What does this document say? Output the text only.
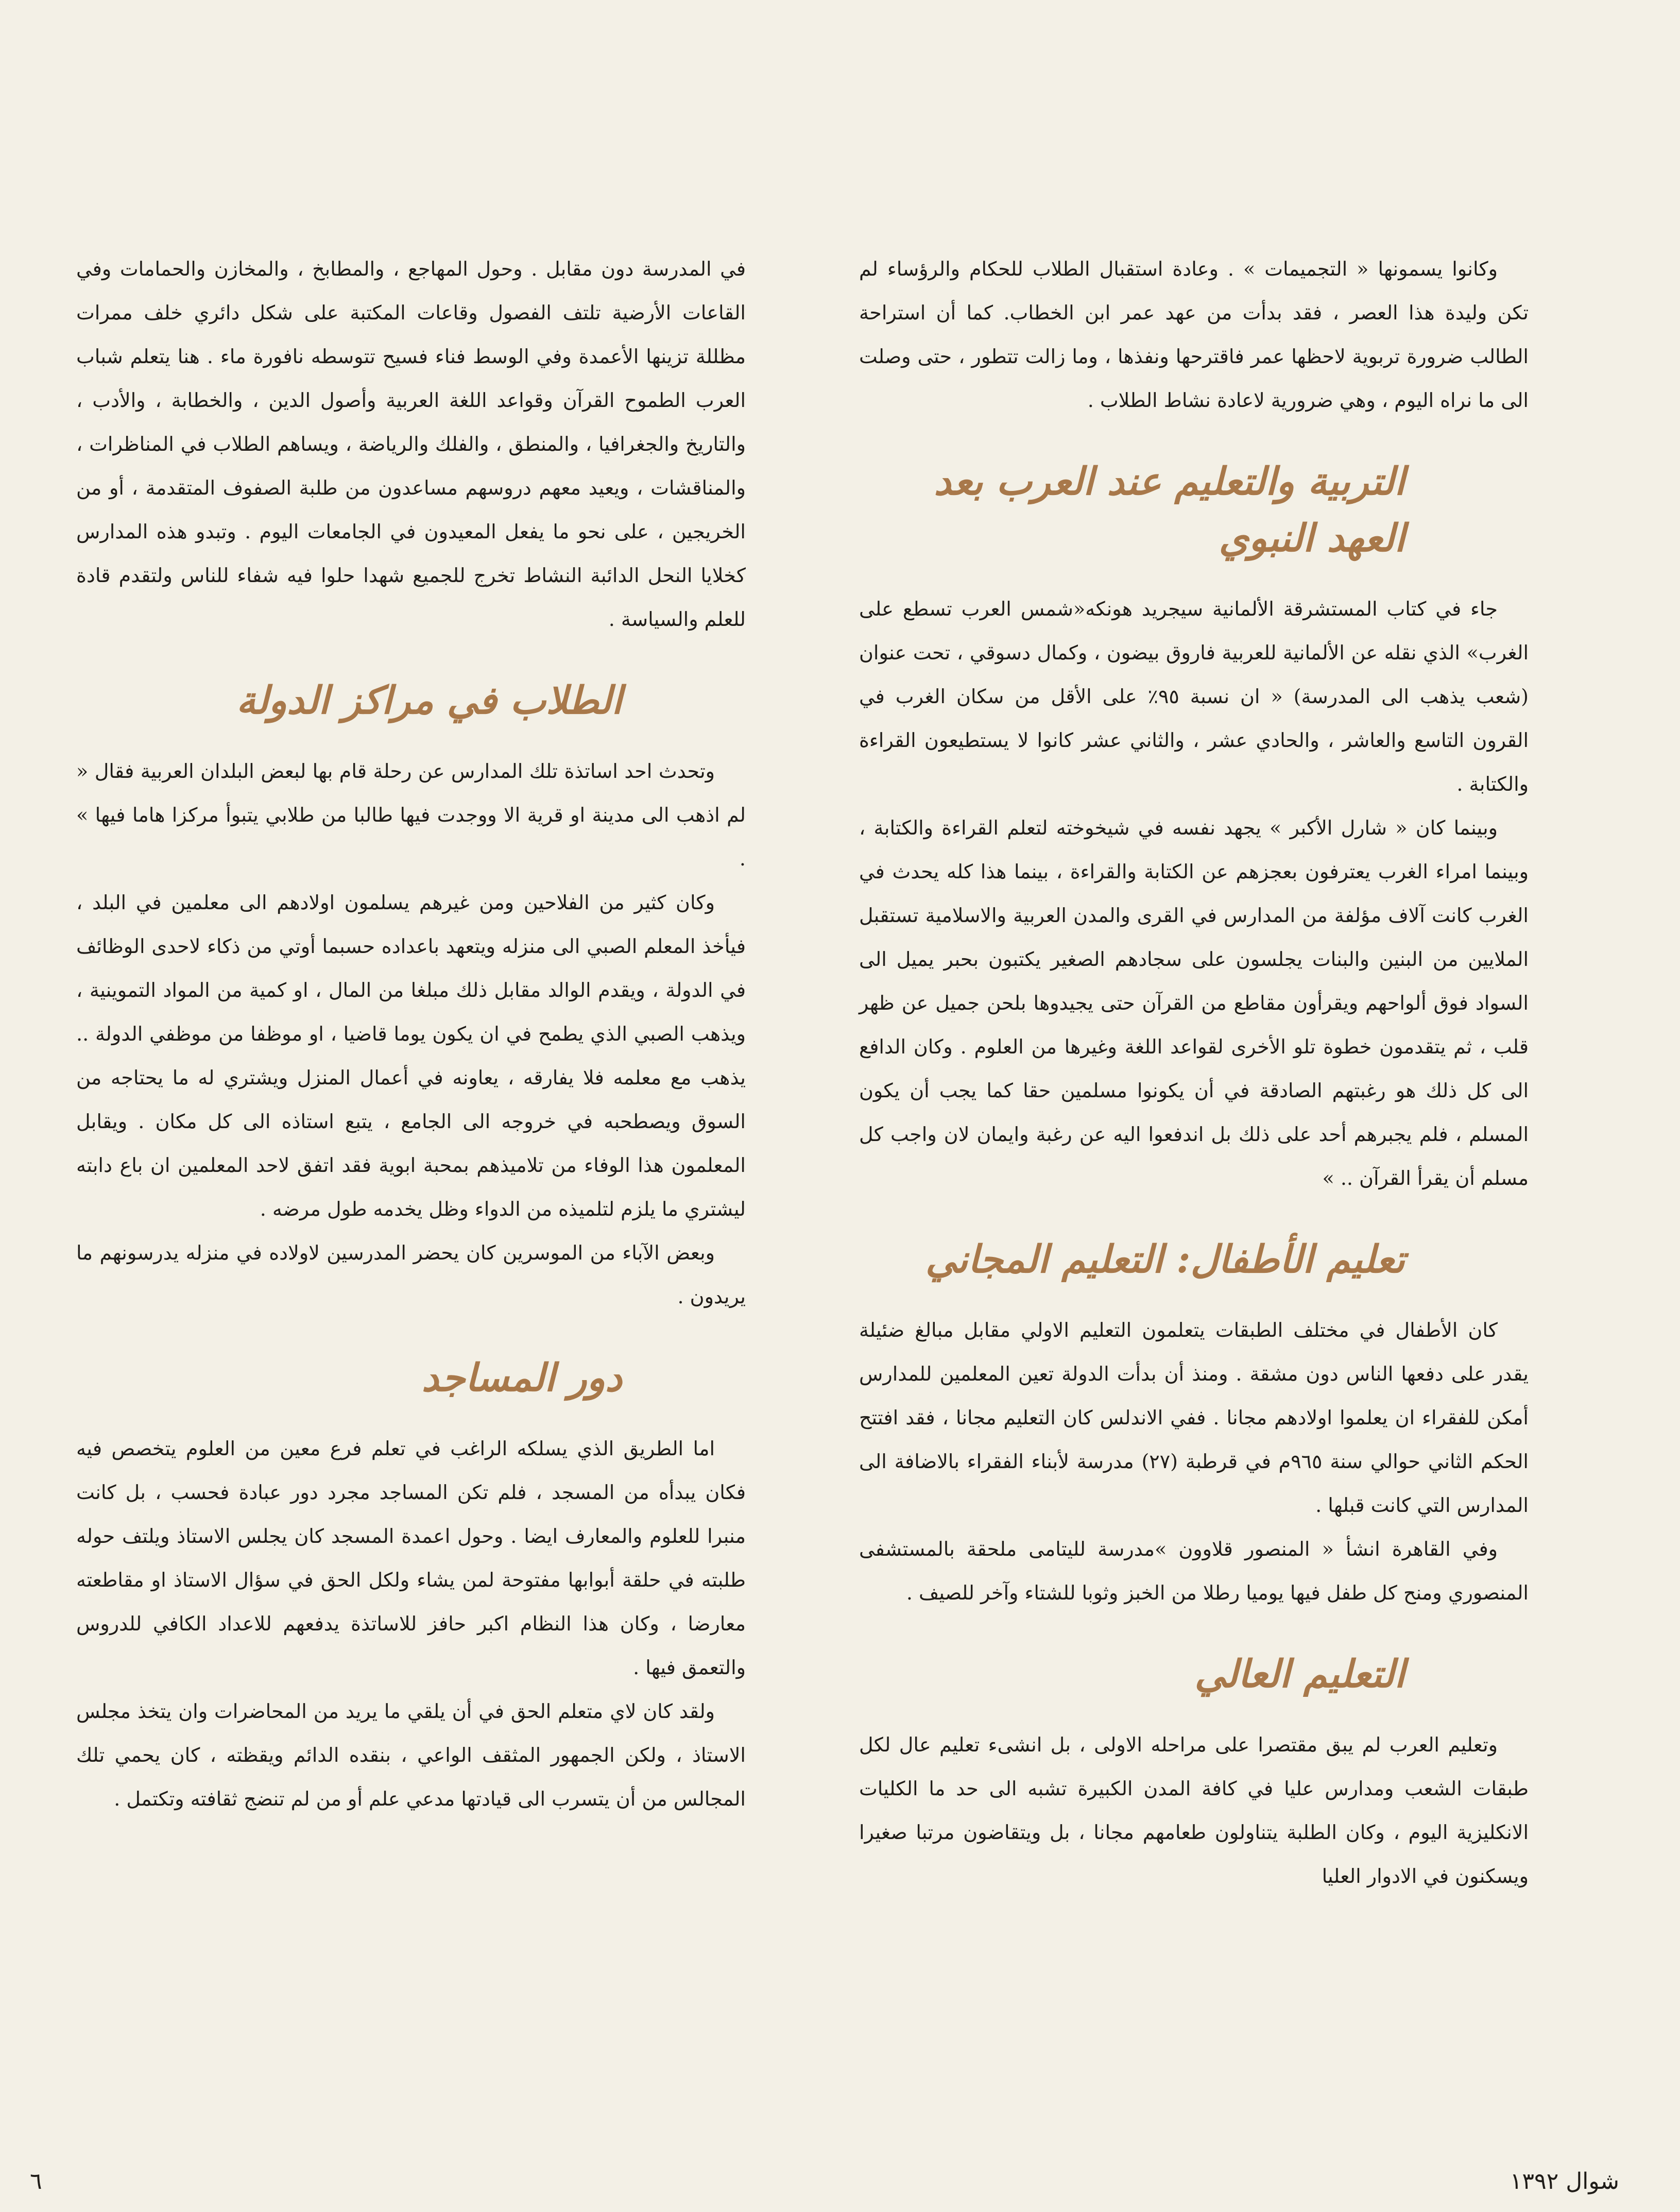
وكانوا يسمونها « التجميمات » . وعادة استقبال الطلاب للحكام والرؤساء لم تكن وليدة هذا العصر ، فقد بدأت من عهد عمر ابن الخطاب. كما أن استراحة الطالب ضرورة تربوية لاحظها عمر فاقترحها ونفذها ، وما زالت تتطور ، حتى وصلت الى ما نراه اليوم ، وهي ضرورية لاعادة نشاط الطلاب .

التربية والتعليم عند العرب بعد العهد النبوي

جاء في كتاب المستشرقة الألمانية سيجريد هونكه«شمس العرب تسطع على الغرب» الذي نقله عن الألمانية للعربية فاروق بيضون ، وكمال دسوقي ، تحت عنوان (شعب يذهب الى المدرسة) « ان نسبة ٩٥٪ على الأقل من سكان الغرب في القرون التاسع والعاشر ، والحادي عشر ، والثاني عشر كانوا لا يستطيعون القراءة والكتابة .

وبينما كان « شارل الأكبر » يجهد نفسه في شيخوخته لتعلم القراءة والكتابة ، وبينما امراء الغرب يعترفون بعجزهم عن الكتابة والقراءة ، بينما هذا كله يحدث في الغرب كانت آلاف مؤلفة من المدارس في القرى والمدن العربية والاسلامية تستقبل الملايين من البنين والبنات يجلسون على سجادهم الصغير يكتبون بحبر يميل الى السواد فوق ألواحهم ويقرأون مقاطع من القرآن حتى يجيدوها بلحن جميل عن ظهر قلب ، ثم يتقدمون خطوة تلو الأخرى لقواعد اللغة وغيرها من العلوم . وكان الدافع الى كل ذلك هو رغبتهم الصادقة في أن يكونوا مسلمين حقا كما يجب أن يكون المسلم ، فلم يجبرهم أحد على ذلك بل اندفعوا اليه عن رغبة وايمان لان واجب كل مسلم أن يقرأ القرآن .. »

تعليم الأطفال: التعليم المجاني

كان الأطفال في مختلف الطبقات يتعلمون التعليم الاولي مقابل مبالغ ضئيلة يقدر على دفعها الناس دون مشقة . ومنذ أن بدأت الدولة تعين المعلمين للمدارس أمكن للفقراء ان يعلموا اولادهم مجانا . ففي الاندلس كان التعليم مجانا ، فقد افتتح الحكم الثاني حوالي سنة ٩٦٥م في قرطبة (٢٧) مدرسة لأبناء الفقراء بالاضافة الى المدارس التي كانت قبلها .

وفي القاهرة انشأ « المنصور قلاوون »مدرسة لليتامى ملحقة بالمستشفى المنصوري ومنح كل طفل فيها يوميا رطلا من الخبز وثوبا للشتاء وآخر للصيف .

التعليم العالي

وتعليم العرب لم يبق مقتصرا على مراحله الاولى ، بل انشىء تعليم عال لكل طبقات الشعب ومدارس عليا في كافة المدن الكبيرة تشبه الى حد ما الكليات الانكليزية اليوم ، وكان الطلبة يتناولون طعامهم مجانا ، بل ويتقاضون مرتبا صغيرا ويسكنون في الادوار العليا

في المدرسة دون مقابل . وحول المهاجع ، والمطابخ ، والمخازن والحمامات وفي القاعات الأرضية تلتف الفصول وقاعات المكتبة على شكل دائري خلف ممرات مظللة تزينها الأعمدة وفي الوسط فناء فسيح تتوسطه نافورة ماء . هنا يتعلم شباب العرب الطموح القرآن وقواعد اللغة العربية وأصول الدين ، والخطابة ، والأدب ، والتاريخ والجغرافيا ، والمنطق ، والفلك والرياضة ، ويساهم الطلاب في المناظرات ، والمناقشات ، ويعيد معهم دروسهم مساعدون من طلبة الصفوف المتقدمة ، أو من الخريجين ، على نحو ما يفعل المعيدون في الجامعات اليوم . وتبدو هذه المدارس كخلايا النحل الدائبة النشاط تخرج للجميع شهدا حلوا فيه شفاء للناس ولتقدم قادة للعلم والسياسة .

الطلاب في مراكز الدولة

وتحدث احد اساتذة تلك المدارس عن رحلة قام بها لبعض البلدان العربية فقال « لم اذهب الى مدينة او قرية الا ووجدت فيها طالبا من طلابي يتبوأ مركزا هاما فيها » .

وكان كثير من الفلاحين ومن غيرهم يسلمون اولادهم الى معلمين في البلد ، فيأخذ المعلم الصبي الى منزله ويتعهد باعداده حسبما أوتي من ذكاء لاحدى الوظائف في الدولة ، ويقدم الوالد مقابل ذلك مبلغا من المال ، او كمية من المواد التموينية ، ويذهب الصبي الذي يطمح في ان يكون يوما قاضيا ، او موظفا من موظفي الدولة .. يذهب مع معلمه فلا يفارقه ، يعاونه في أعمال المنزل ويشتري له ما يحتاجه من السوق ويصطحبه في خروجه الى الجامع ، يتبع استاذه الى كل مكان . ويقابل المعلمون هذا الوفاء من تلاميذهم بمحبة ابوية فقد اتفق لاحد المعلمين ان باع دابته ليشتري ما يلزم لتلميذه من الدواء وظل يخدمه طول مرضه .

وبعض الآباء من الموسرين كان يحضر المدرسين لاولاده في منزله يدرسونهم ما يريدون .

دور المساجد

اما الطريق الذي يسلكه الراغب في تعلم فرع معين من العلوم يتخصص فيه فكان يبدأه من المسجد ، فلم تكن المساجد مجرد دور عبادة فحسب ، بل كانت منبرا للعلوم والمعارف ايضا . وحول اعمدة المسجد كان يجلس الاستاذ ويلتف حوله طلبته في حلقة أبوابها مفتوحة لمن يشاء ولكل الحق في سؤال الاستاذ او مقاطعته معارضا ، وكان هذا النظام اكبر حافز للاساتذة يدفعهم للاعداد الكافي للدروس والتعمق فيها .

ولقد كان لاي متعلم الحق في أن يلقي ما يريد من المحاضرات وان يتخذ مجلس الاستاذ ، ولكن الجمهور المثقف الواعي ، بنقده الدائم ويقظته ، كان يحمي تلك المجالس من أن يتسرب الى قيادتها مدعي علم أو من لم تنضج ثقافته وتكتمل .

شوال ١٣٩٢
٦
